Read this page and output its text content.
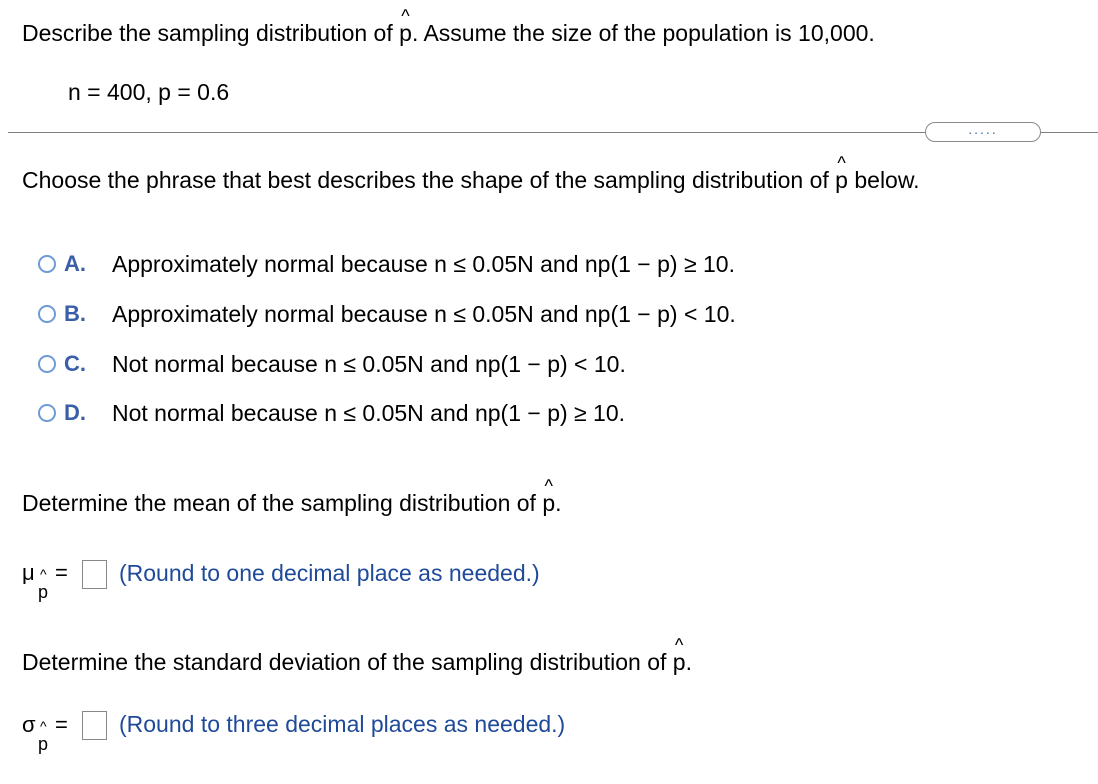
Describe the sampling distribution of ^ p. Assume the size of the population is 10,000.
n = 400, p = 0.6
.....
Choose the phrase that best describes the shape of the sampling distribution of ^ p below.
A.	Approximately normal because n ≤ 0.05N and np(1 − p) ≥ 10.
B.	Approximately normal because n ≤ 0.05N and np(1 − p) < 10.
C.	Not normal because n ≤ 0.05N and np(1 − p) < 10.
D.	Not normal because n ≤ 0.05N and np(1 − p) ≥ 10.
Determine the mean of the sampling distribution of ^ p.
μ ^
p
= (Round to one decimal place as needed.)
Determine the standard deviation of the sampling distribution of ^ p.
σ ^
p
= (Round to three decimal places as needed.)
